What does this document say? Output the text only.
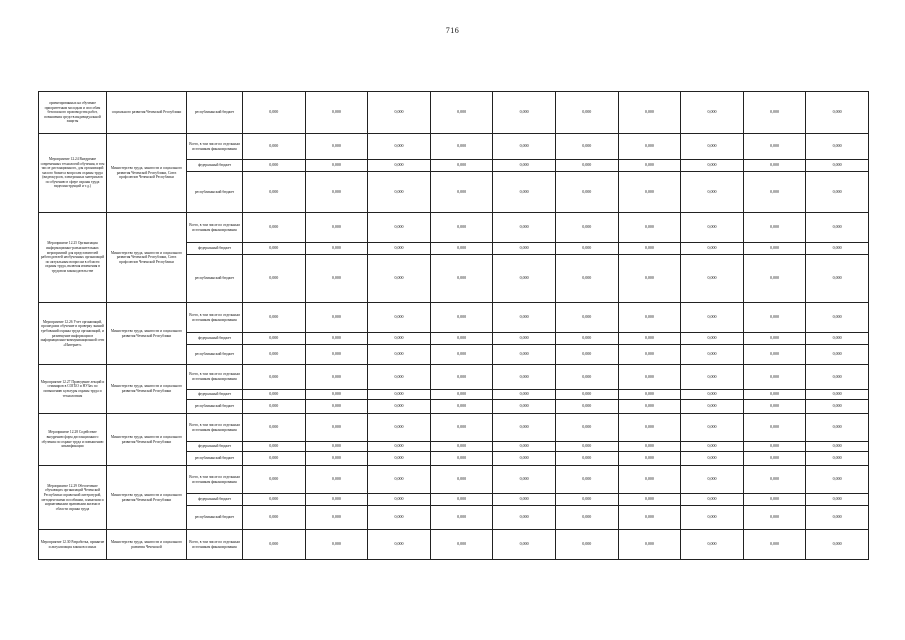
716
ориентированных на обучение приоритетным молодым и способам безопасного производства работ, повышения средств индивидуальной защиты	социального развития Чеченской Республики	республиканский бюджет	0,000	0,000	0,000	0,000	0,000	0,000	0,000	0,000	0,000	0,000
Мероприятие 12.24 Внедрение современных технологий обучения, в том числе дистанционного, для организаций малого бизнеса вопросам охраны труда (видеокурсов, электронных материалов по обучению в сфере охраны труда видеоинструкций и т.д.)	Министерство труда, занятости и социального развития Чеченской Республики, Союз профсоюзов Чеченской Республики	Всего, в том числе по отдельным источникам финансирования	0,000	0,000	0,000	0,000	0,000	0,000	0,000	0,000	0,000	0,000
		федеральный бюджет	0,000	0,000	0,000	0,000	0,000	0,000	0,000	0,000	0,000	0,000
		республиканский бюджет	0,000	0,000	0,000	0,000	0,000	0,000	0,000	0,000	0,000	0,000
Мероприятие 12.25 Организация информационно-разъяснительных мероприятий для представителей работодателей необученных организаций по актуальным вопросам в области охраны труда, включая изменения в трудовом законодательстве	Министерство труда, занятости и социального развития Чеченской Республики, Союз профсоюзов Чеченской Республики	Всего, в том числе по отдельным источникам финансирования	0,000	0,000	0,000	0,000	0,000	0,000	0,000	0,000	0,000	0,000
		федеральный бюджет	0,000	0,000	0,000	0,000	0,000	0,000	0,000	0,000	0,000	0,000
		республиканский бюджет	0,000	0,000	0,000	0,000	0,000	0,000	0,000	0,000	0,000	0,000
Мероприятие 12.26 Учет организаций, прошедших обучение и проверку знаний требований охраны труда организаций, и размещение информации в информационно-коммуникационной сети «Интернет»	Министерство труда, занятости и социального развития Чеченской Республики	Всего, в том числе по отдельным источникам финансирования	0,000	0,000	0,000	0,000	0,000	0,000	0,000	0,000	0,000	0,000
		федеральный бюджет	0,000	0,000	0,000	0,000	0,000	0,000	0,000	0,000	0,000	0,000
		республиканский бюджет	0,000	0,000	0,000	0,000	0,000	0,000	0,000	0,000	0,000	0,000
Мероприятие 12.27 Проведение лекций и семинаров в СОГБО и НУЗах по повышению культуры охраны труда и технологиям	Министерство труда, занятости и социального развития Чеченской Республики	Всего, в том числе по отдельным источникам финансирования	0,000	0,000	0,000	0,000	0,000	0,000	0,000	0,000	0,000	0,000
		федеральный бюджет	0,000	0,000	0,000	0,000	0,000	0,000	0,000	0,000	0,000	0,000
		республиканский бюджет	0,000	0,000	0,000	0,000	0,000	0,000	0,000	0,000	0,000	0,000
Мероприятие 12.28 Содействие внедрению форм дистанционного обучения по охране труда и повышению квалификации	Министерство труда, занятости и социального развития Чеченской Республики	Всего, в том числе по отдельным источникам финансирования	0,000	0,000	0,000	0,000	0,000	0,000	0,000	0,000	0,000	0,000
		федеральный бюджет	0,000	0,000	0,000	0,000	0,000	0,000	0,000	0,000	0,000	0,000
		республиканский бюджет	0,000	0,000	0,000	0,000	0,000	0,000	0,000	0,000	0,000	0,000
Мероприятие 12.29 Обеспечение обучающих организаций Чеченской Республики справочной литературой, методическими пособиями, плакатами и нормативными правовыми актами в области охраны труда	Министерство труда, занятости и социального развития Чеченской Республики	Всего, в том числе по отдельным источникам финансирования	0,000	0,000	0,000	0,000	0,000	0,000	0,000	0,000	0,000	0,000
		федеральный бюджет	0,000	0,000	0,000	0,000	0,000	0,000	0,000	0,000	0,000	0,000
		республиканский бюджет	0,000	0,000	0,000	0,000	0,000	0,000	0,000	0,000	0,000	0,000
Мероприятие 12.30 Разработка, принятие и актуализация законов и иных	Министерство труда, занятости и социального развития Чеченской	Всего, в том числе по отдельным источникам финансирования	0,000	0,000	0,000	0,000	0,000	0,000	0,000	0,000	0,000	0,000
